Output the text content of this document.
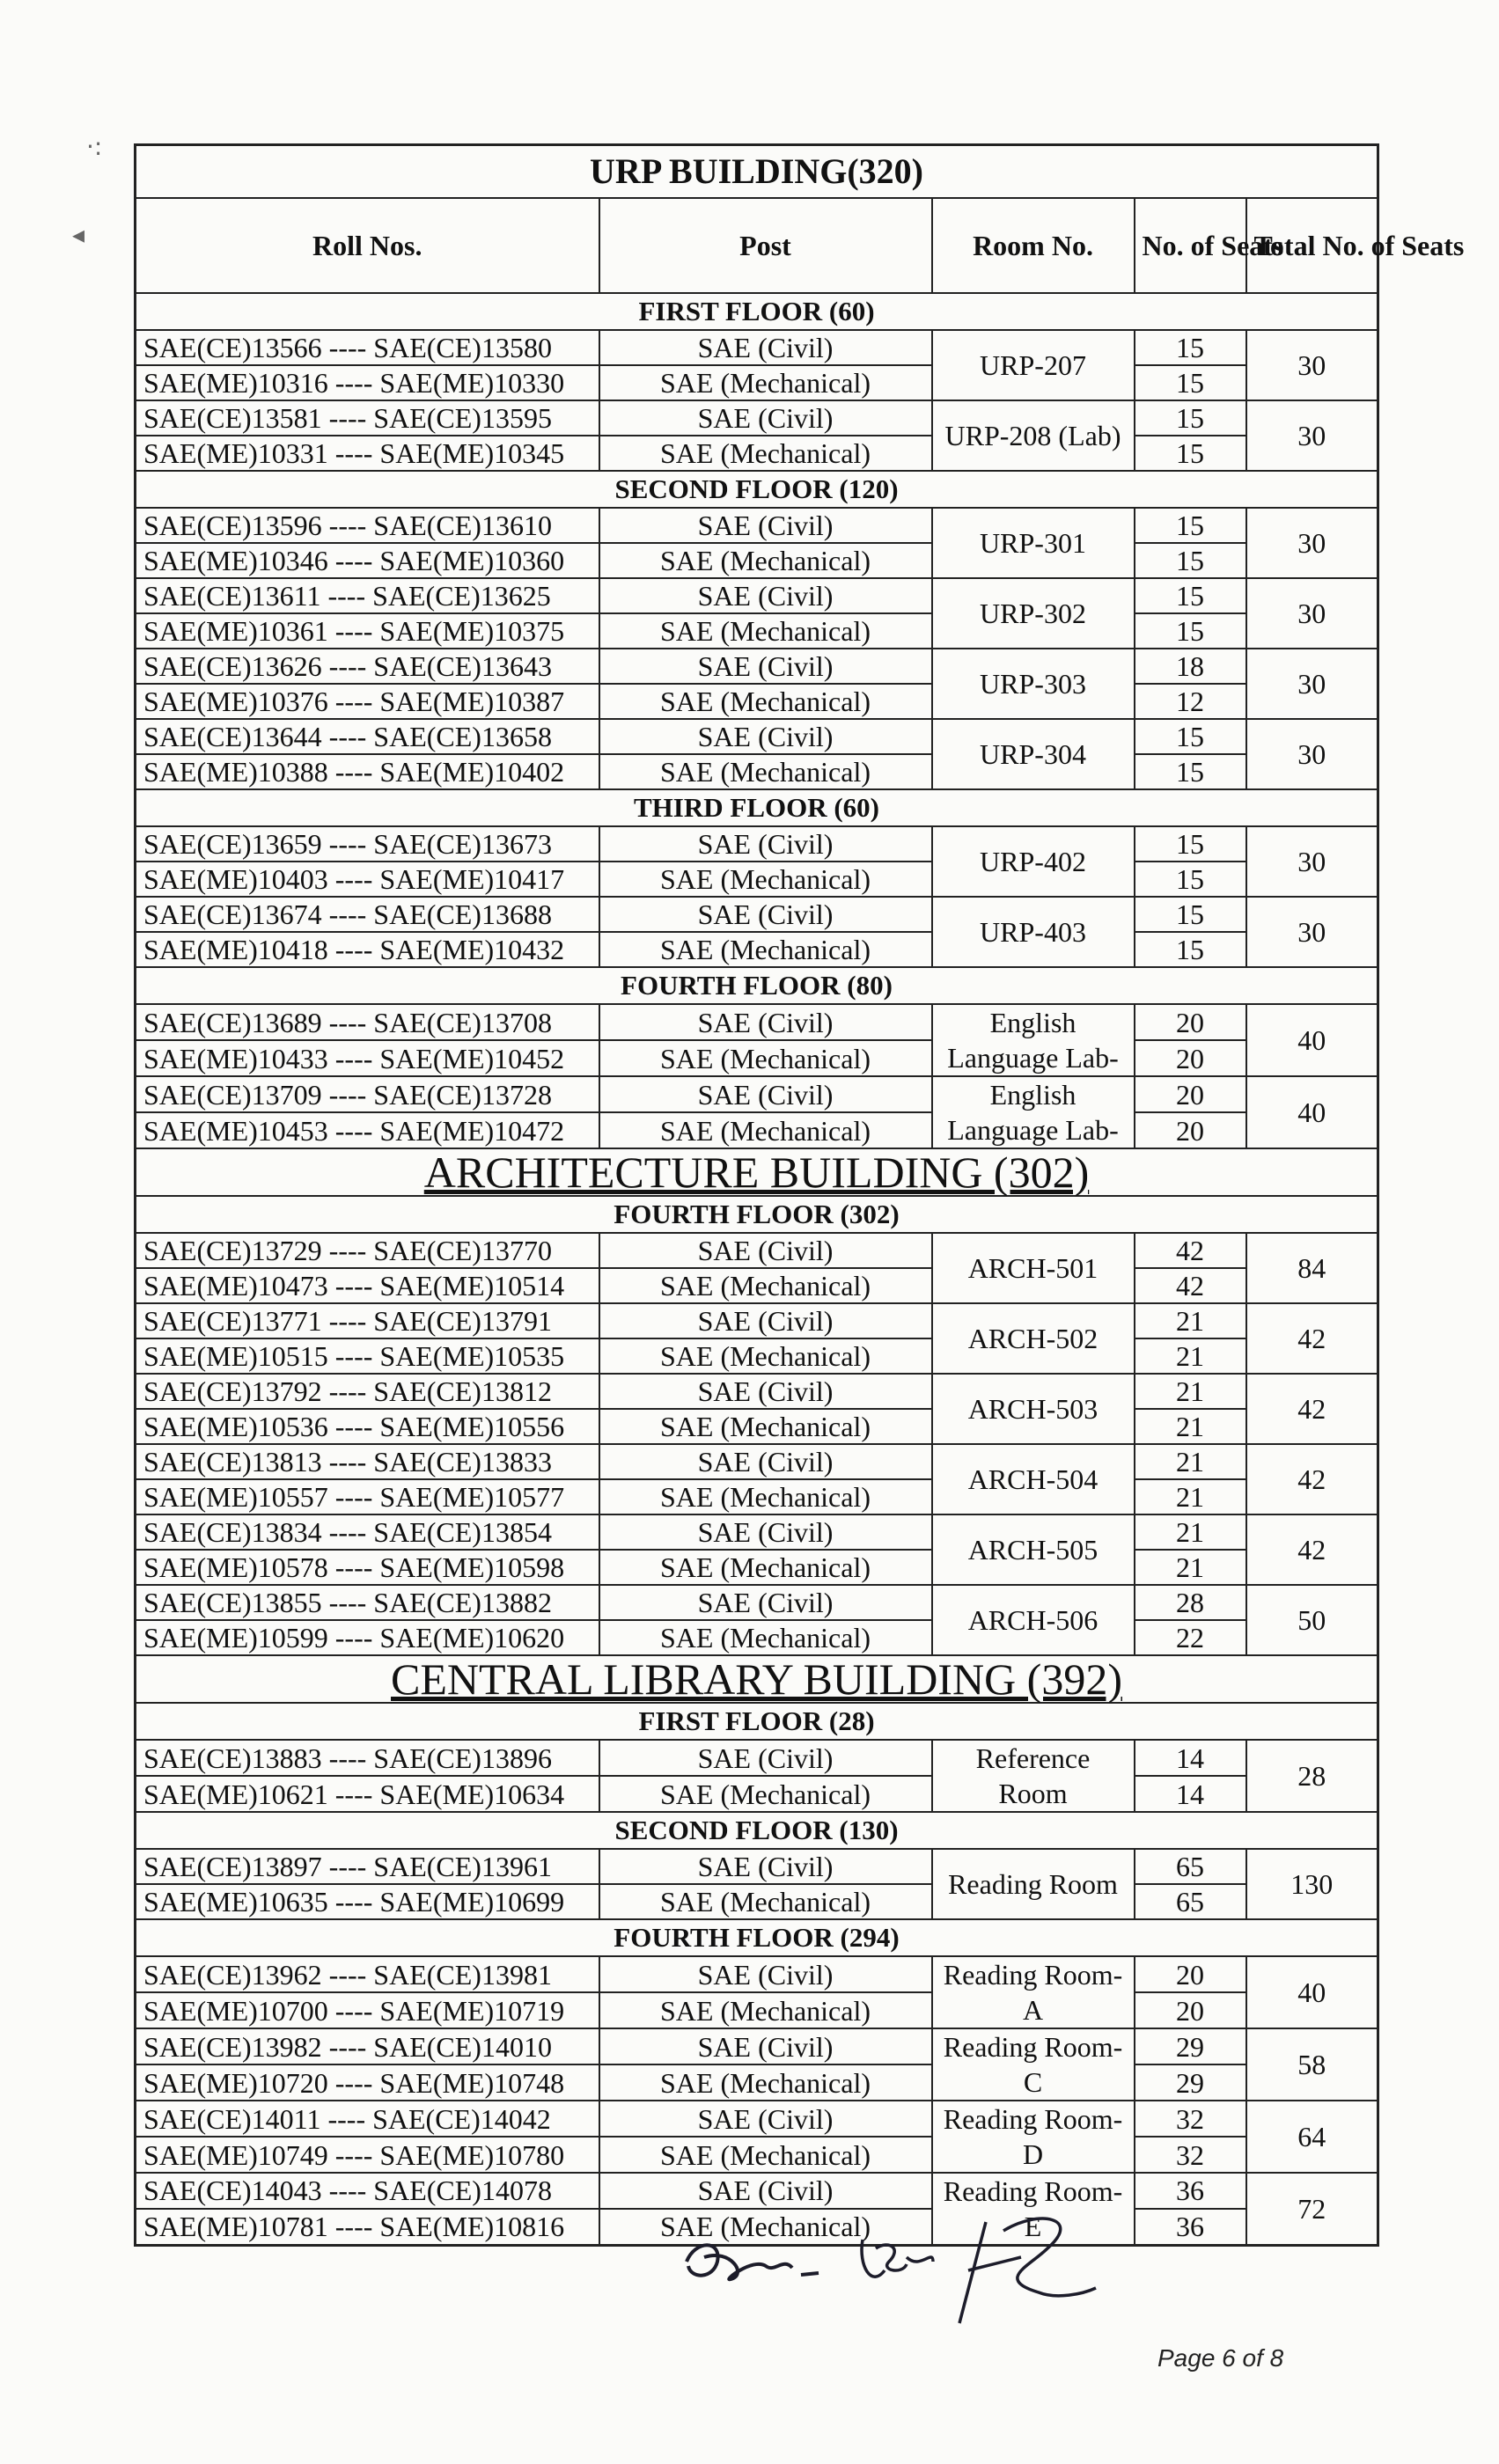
·:
◂
URP BUILDING(320)				
Roll Nos.	Post	Room No.	No. of Seats	Total No. of Seats
FIRST FLOOR (60)				
SAE(CE)13566 ---- SAE(CE)13580	SAE (Civil)	URP-207	15	30
SAE(ME)10316 ---- SAE(ME)10330	SAE (Mechanical)		15	
SAE(CE)13581 ---- SAE(CE)13595	SAE (Civil)	URP-208 (Lab)	15	30
SAE(ME)10331 ---- SAE(ME)10345	SAE (Mechanical)		15	
SECOND FLOOR (120)				
SAE(CE)13596 ---- SAE(CE)13610	SAE (Civil)	URP-301	15	30
SAE(ME)10346 ---- SAE(ME)10360	SAE (Mechanical)		15	
SAE(CE)13611 ---- SAE(CE)13625	SAE (Civil)	URP-302	15	30
SAE(ME)10361 ---- SAE(ME)10375	SAE (Mechanical)		15	
SAE(CE)13626 ---- SAE(CE)13643	SAE (Civil)	URP-303	18	30
SAE(ME)10376 ---- SAE(ME)10387	SAE (Mechanical)		12	
SAE(CE)13644 ---- SAE(CE)13658	SAE (Civil)	URP-304	15	30
SAE(ME)10388 ---- SAE(ME)10402	SAE (Mechanical)		15	
THIRD FLOOR (60)				
SAE(CE)13659 ---- SAE(CE)13673	SAE (Civil)	URP-402	15	30
SAE(ME)10403 ---- SAE(ME)10417	SAE (Mechanical)		15	
SAE(CE)13674 ---- SAE(CE)13688	SAE (Civil)	URP-403	15	30
SAE(ME)10418 ---- SAE(ME)10432	SAE (Mechanical)		15	
FOURTH FLOOR (80)				
SAE(CE)13689 ---- SAE(CE)13708	SAE (Civil)	English Language Lab-	20	40
SAE(ME)10433 ---- SAE(ME)10452	SAE (Mechanical)		20	
SAE(CE)13709 ---- SAE(CE)13728	SAE (Civil)	English Language Lab-	20	40
SAE(ME)10453 ---- SAE(ME)10472	SAE (Mechanical)		20	
ARCHITECTURE BUILDING (302)				
FOURTH FLOOR (302)				
SAE(CE)13729 ---- SAE(CE)13770	SAE (Civil)	ARCH-501	42	84
SAE(ME)10473 ---- SAE(ME)10514	SAE (Mechanical)		42	
SAE(CE)13771 ---- SAE(CE)13791	SAE (Civil)	ARCH-502	21	42
SAE(ME)10515 ---- SAE(ME)10535	SAE (Mechanical)		21	
SAE(CE)13792 ---- SAE(CE)13812	SAE (Civil)	ARCH-503	21	42
SAE(ME)10536 ---- SAE(ME)10556	SAE (Mechanical)		21	
SAE(CE)13813 ---- SAE(CE)13833	SAE (Civil)	ARCH-504	21	42
SAE(ME)10557 ---- SAE(ME)10577	SAE (Mechanical)		21	
SAE(CE)13834 ---- SAE(CE)13854	SAE (Civil)	ARCH-505	21	42
SAE(ME)10578 ---- SAE(ME)10598	SAE (Mechanical)		21	
SAE(CE)13855 ---- SAE(CE)13882	SAE (Civil)	ARCH-506	28	50
SAE(ME)10599 ---- SAE(ME)10620	SAE (Mechanical)		22	
CENTRAL LIBRARY BUILDING (392)				
FIRST FLOOR (28)				
SAE(CE)13883 ---- SAE(CE)13896	SAE (Civil)	Reference Room	14	28
SAE(ME)10621 ---- SAE(ME)10634	SAE (Mechanical)		14	
SECOND FLOOR (130)				
SAE(CE)13897 ---- SAE(CE)13961	SAE (Civil)	Reading Room	65	130
SAE(ME)10635 ---- SAE(ME)10699	SAE (Mechanical)		65	
FOURTH FLOOR (294)				
SAE(CE)13962 ---- SAE(CE)13981	SAE (Civil)	Reading Room-A	20	40
SAE(ME)10700 ---- SAE(ME)10719	SAE (Mechanical)		20	
SAE(CE)13982 ---- SAE(CE)14010	SAE (Civil)	Reading Room-C	29	58
SAE(ME)10720 ---- SAE(ME)10748	SAE (Mechanical)		29	
SAE(CE)14011 ---- SAE(CE)14042	SAE (Civil)	Reading Room-D	32	64
SAE(ME)10749 ---- SAE(ME)10780	SAE (Mechanical)		32	
SAE(CE)14043 ---- SAE(CE)14078	SAE (Civil)	Reading Room-E	36	72
SAE(ME)10781 ---- SAE(ME)10816	SAE (Mechanical)		36	
Page 6 of 8
